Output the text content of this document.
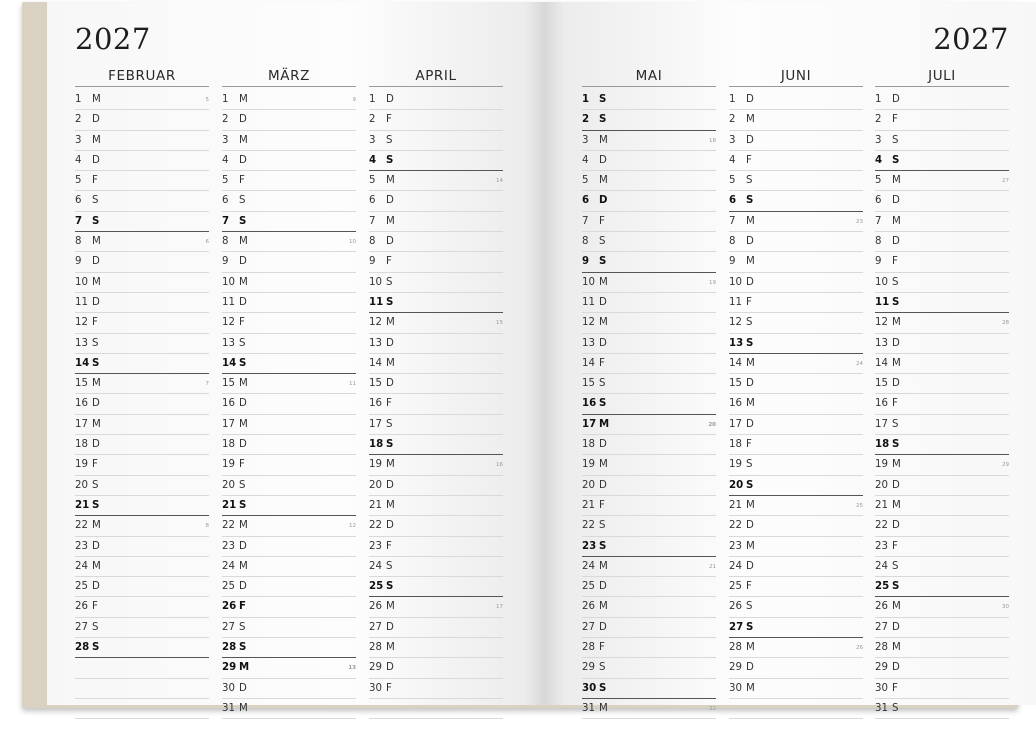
2027
FEBRUAR
1	M	5
2	D
3	M
4	D
5	F
6	S
7 S
8	M	6
9	D
10 M
11 D
12 F
13 S
14 S
15 M	7
16 D
17 M
18 D
19 F
20 S
21 S
22 M	8
23 D
24 M
25 D
26 F
27 S
28 S
MÄRZ
1	M	9
2	D
3	M
4	D
5	F
6	S
7 S
8	M	10
9	D
10 M
11 D
12 F
13 S
14 S
15 M	11
16 D
17 M
18 D
19 F
20 S
21 S
22 M	12
23 D
24 M
25 D
26 F
27 S
28 S
29 M	13
30 D
31 M
APRIL
1	D
2	F
3	S
4 S
5	M	14
6	D
7	M
8	D
9	F
10 S
11 S
12 M	15
13 D
14 M
15 D
16 F
17 S
18 S
19 M	16
20 D
21 M
22 D
23 F
24 S
25 S
26 M	17
27 D
28 M
29 D
30 F
2027
MAI
1 S
2 S
3	M	18
4	D
5	M
6 D
7	F
8	S
9 S
10 M	19
11 D
12 M
13 D
14 F
15 S
16 S
17 M	20
18 D
19 M
20 D
21 F
22 S
23 S
24 M	21
25 D
26 M
27 D
28 F
29 S
30 S
31 M	22
JUNI
1	D
2	M
3	D
4	F
5	S
6 S
7	M	23
8	D
9	M
10 D
11 F
12 S
13 S
14 M	24
15 D
16 M
17 D
18 F
19 S
20 S
21 M	25
22 D
23 M
24 D
25 F
26 S
27 S
28 M	26
29 D
30 M
JULI
1	D
2	F
3	S
4 S
5	M	27
6	D
7	M
8	D
9	F
10 S
11 S
12 M	28
13 D
14 M
15 D
16 F
17 S
18 S
19 M	29
20 D
21 M
22 D
23 F
24 S
25 S
26 M	30
27 D
28 M
29 D
30 F
31 S
